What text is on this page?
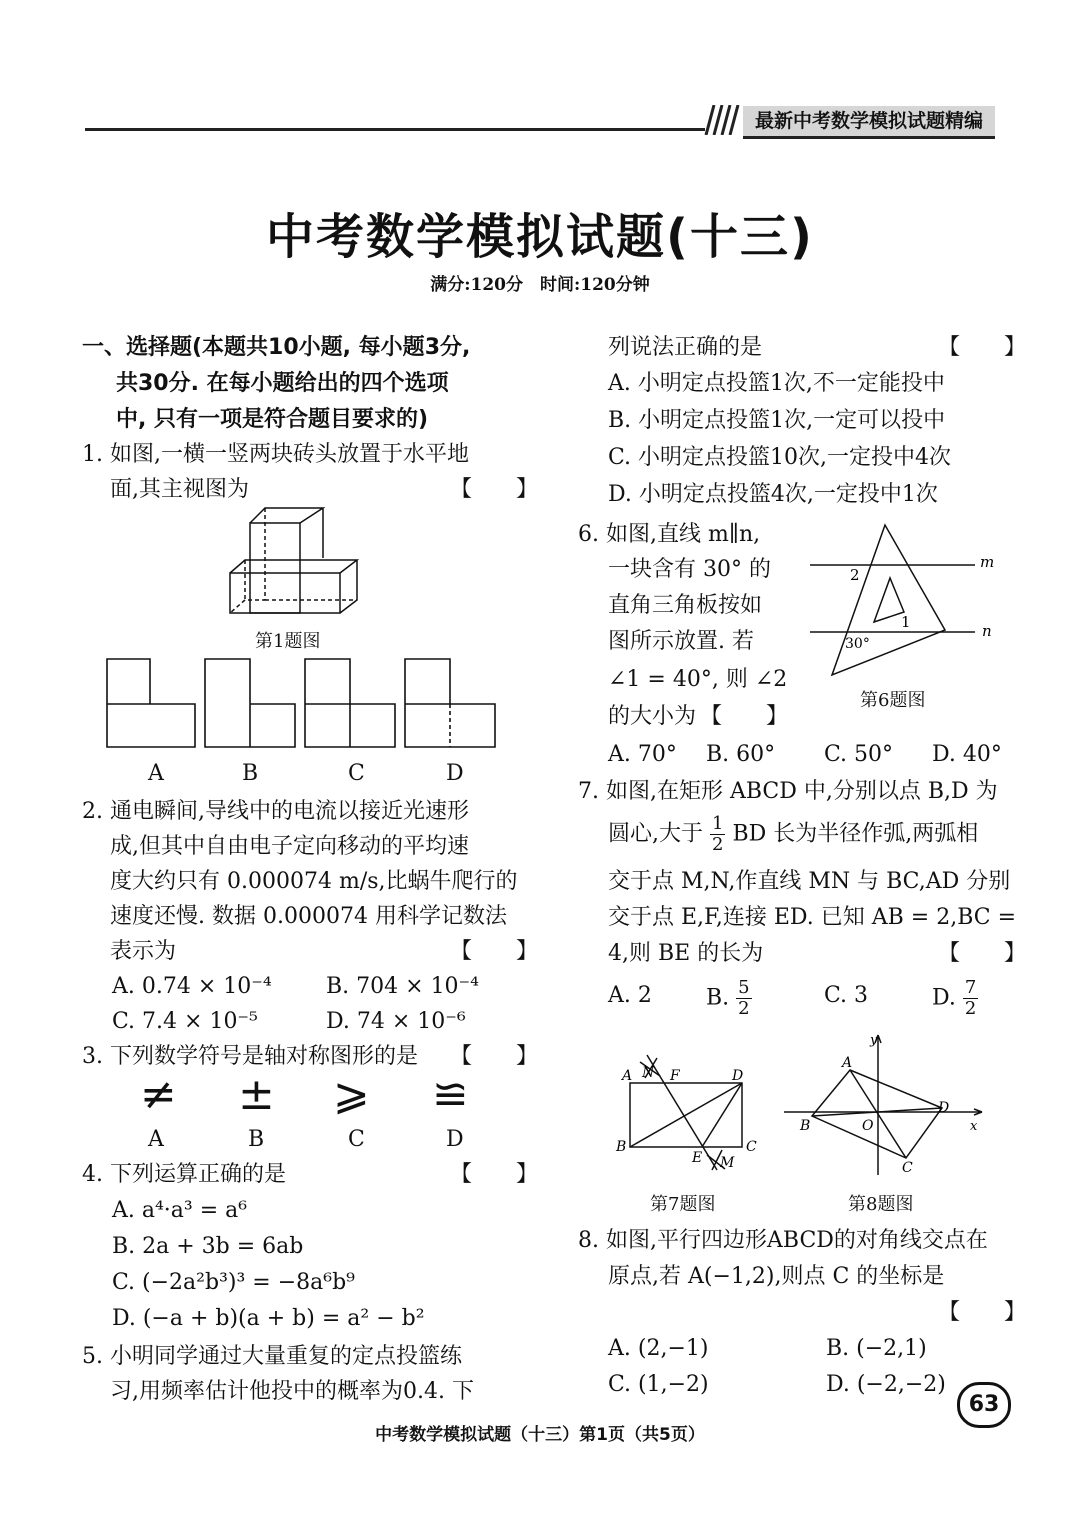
最新中考数学模拟试题精编
中考数学模拟试题(十三)
满分:120分　时间:120分钟
一、选择题(本题共10小题, 每小题3分,
共30分. 在每小题给出的四个选项
中, 只有一项是符合题目要求的)
1. 如图,一横一竖两块砖头放置于水平地
面,其主视图为	【　　】
第1题图
A	B	C	D
2. 通电瞬间,导线中的电流以接近光速形
成,但其中自由电子定向移动的平均速
度大约只有 0.000074 m/s,比蜗牛爬行的
速度还慢. 数据 0.000074 用科学记数法
表示为	【　　】
A. 0.74 × 10⁻⁴ B. 704 × 10⁻⁴
C. 7.4 × 10⁻⁵	D. 74 × 10⁻⁶
3. 下列数学符号是轴对称图形的是 【　　】
≠ ± ⩾ ≌
A	B	C	D
4. 下列运算正确的是	【　　】
A. a⁴·a³ = a⁶
B. 2a + 3b = 6ab
C. (−2a²b³)³ = −8a⁶b⁹
D. (−a + b)(a + b) = a² − b²
5. 小明同学通过大量重复的定点投篮练
习,用频率估计他投中的概率为0.4. 下
列说法正确的是	【　　】
A. 小明定点投篮1次,不一定能投中
B. 小明定点投篮1次,一定可以投中
C. 小明定点投篮10次,一定投中4次
D. 小明定点投篮4次,一定投中1次
6. 如图,直线 m∥n,
一块含有 30° 的
直角三角板按如
图所示放置. 若
∠1 = 40°, 则 ∠2
的大小为 【　　】
m
n
2
1
30°
第6题图
A. 70° B. 60° C. 50° D. 40°
7. 如图,在矩形 ABCD 中,分别以点 B,D 为
圆心,大于 $\frac{1}{2}$ BD 长为半径作弧,两弧相
交于点 M,N,作直线 MN 与 BC,AD 分别
交于点 E,F,连接 ED. 已知 AB = 2,BC =
4,则 BE 的长为	【　　】
A. 2 B. $\frac{5}{2}$	C. 3	D. $\frac{7}{2}$
A N F	D
B	C
E M
第7题图
A
B
C
D
O	x
y
第8题图
8. 如图,平行四边形ABCD的对角线交点在
原点,若 A(−1,2),则点 C 的坐标是
【　　】
A. (2,−1)	B. (−2,1)
C. (1,−2)	D. (−2,−2)
中考数学模拟试题（十三）第1页（共5页）
63
